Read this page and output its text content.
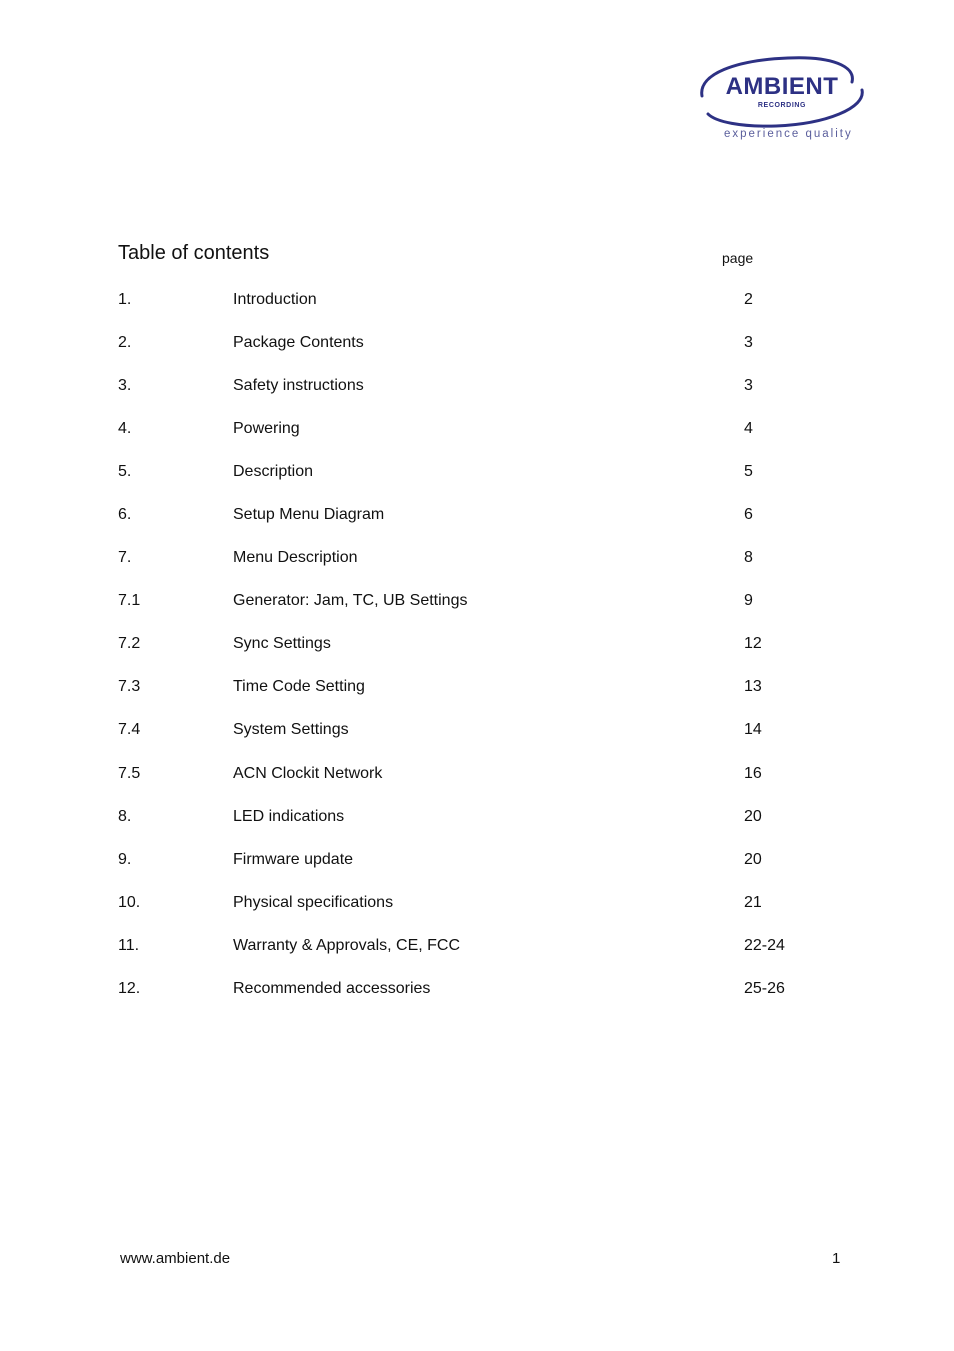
AMBIENT
RECORDING
experience quality
Table of contents	page
1.	Introduction	2
2.	Package Contents	3
3.	Safety instructions	3
4.	Powering	4
5.	Description	5
6.	Setup Menu Diagram	6
7.	Menu Description	8
7.1	Generator: Jam, TC, UB Settings	9
7.2	Sync Settings	12
7.3	Time Code Setting	13
7.4	System Settings	14
7.5	ACN Clockit Network	16
8.	LED indications	20
9.	Firmware update	20
10.	Physical specifications	21
11.	Warranty & Approvals, CE, FCC	22-24
12.	Recommended accessories	25-26
www.ambient.de	1
